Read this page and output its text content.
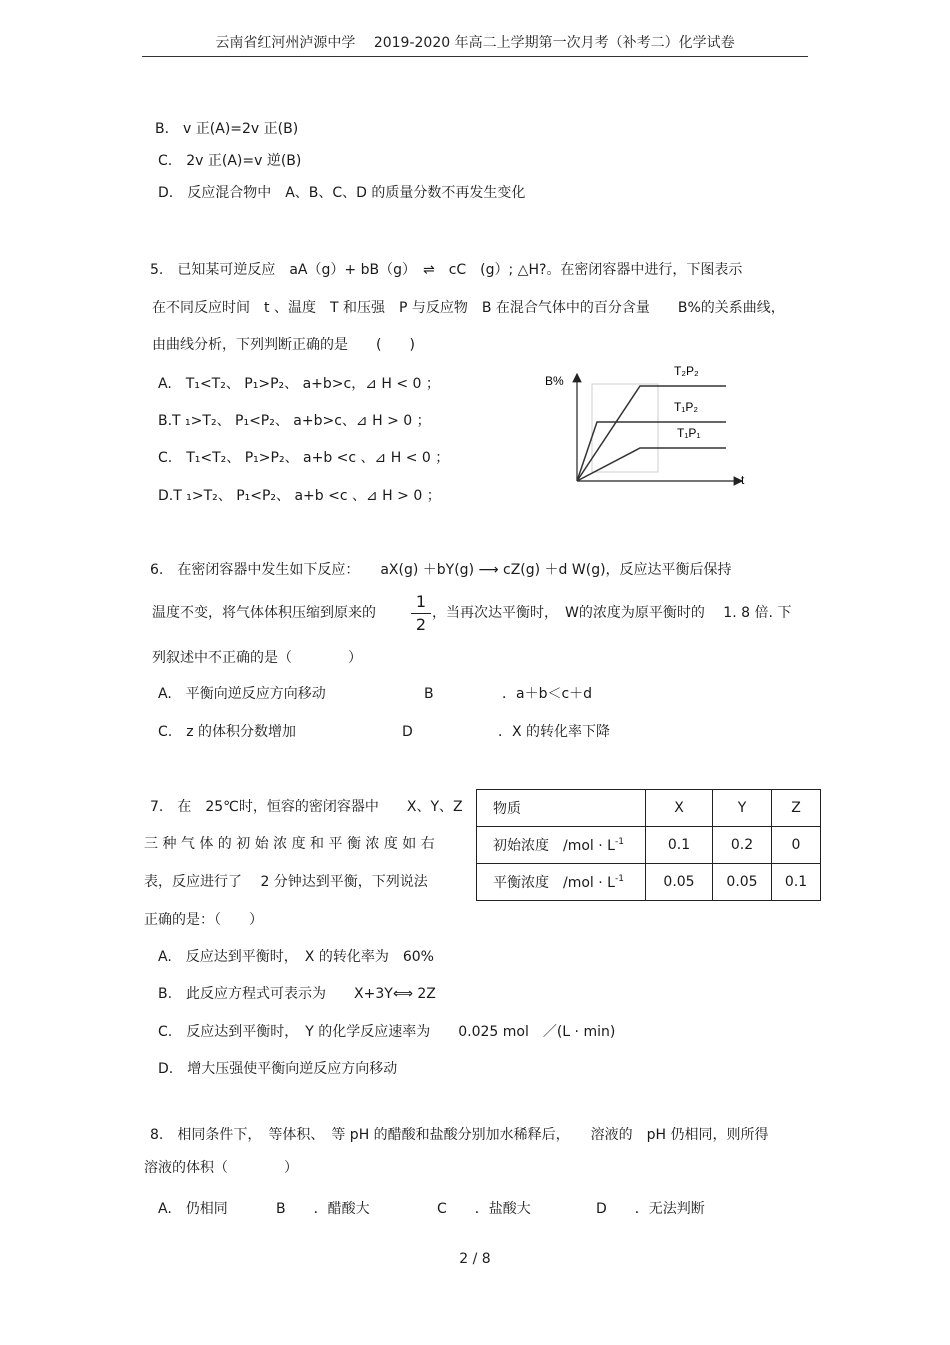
云南省红河州泸源中学　 2019-2020 年高二上学期第一次月考（补考二）化学试卷
B． v 正(A)=2v 正(B)
C.　2v 正(A)=v 逆(B)
D.　反应混合物中　A、B、C、D 的质量分数不再发生变化
5.　已知某可逆反应　aA（g）+ bB（g）　⇌　cC　(g）; △H?。在密闭容器中进行，下图表示
在不同反应时间　t 、温度　T 和压强　P 与反应物　B 在混合气体中的百分含量　　B%的关系曲线，
由曲线分析，下列判断正确的是　　(　　)
A.　T₁<T₂、 P₁>P₂、 a+b>c，⊿ H < 0 ；
B.T ₁>T₂、 P₁<P₂、 a+b>c、⊿ H > 0 ；
C.　T₁<T₂、 P₁>P₂、 a+b <c 、⊿ H < 0 ；
D.T ₁>T₂、 P₁<P₂、 a+b <c 、⊿ H > 0 ；
B%
t
T₂P₂
T₁P₂
T₁P₁
6.　在密闭容器中发生如下反应：　　aX(g) ＋bY(g) ⟶ cZ(g) ＋d W(g)，反应达平衡后保持
温度不变，将气体体积压缩到原来的
1
2
，当再次达平衡时，　W的浓度为原平衡时的　 1. 8 倍. 下
列叙述中不正确的是（　　　　）
A.　平衡向逆反应方向移动	B	．a＋b＜c＋d
C.　z 的体积分数增加	D	．X 的转化率下降
7.　在　25℃时，恒容的密闭容器中　　X、Y、Z
三 种 气 体 的 初 始 浓 度 和 平 衡 浓 度 如 右
表，反应进行了　 2 分钟达到平衡，下列说法
正确的是：（　　）
物质	X	Y	Z
初始浓度　$/mol \cdot L^{-1}$	0.1	0.2	0
平衡浓度　$/mol \cdot L^{-1}$	0.05	0.05	0.1
A.　反应达到平衡时，　X 的转化率为　60%
B.　此反应方程式可表示为　　X+3Y⟺ 2Z
C.　反应达到平衡时，　Y 的化学反应速率为　　0.025 mol　／(L · min)
D.　增大压强使平衡向逆反应方向移动
8.　相同条件下，　等体积、　等 pH 的醋酸和盐酸分别加水稀释后，　　溶液的　pH 仍相同，则所得
溶液的体积（　　　　）
A.　仍相同	B　　．醋酸大	C　　．盐酸大	D　　．无法判断
2 / 8
